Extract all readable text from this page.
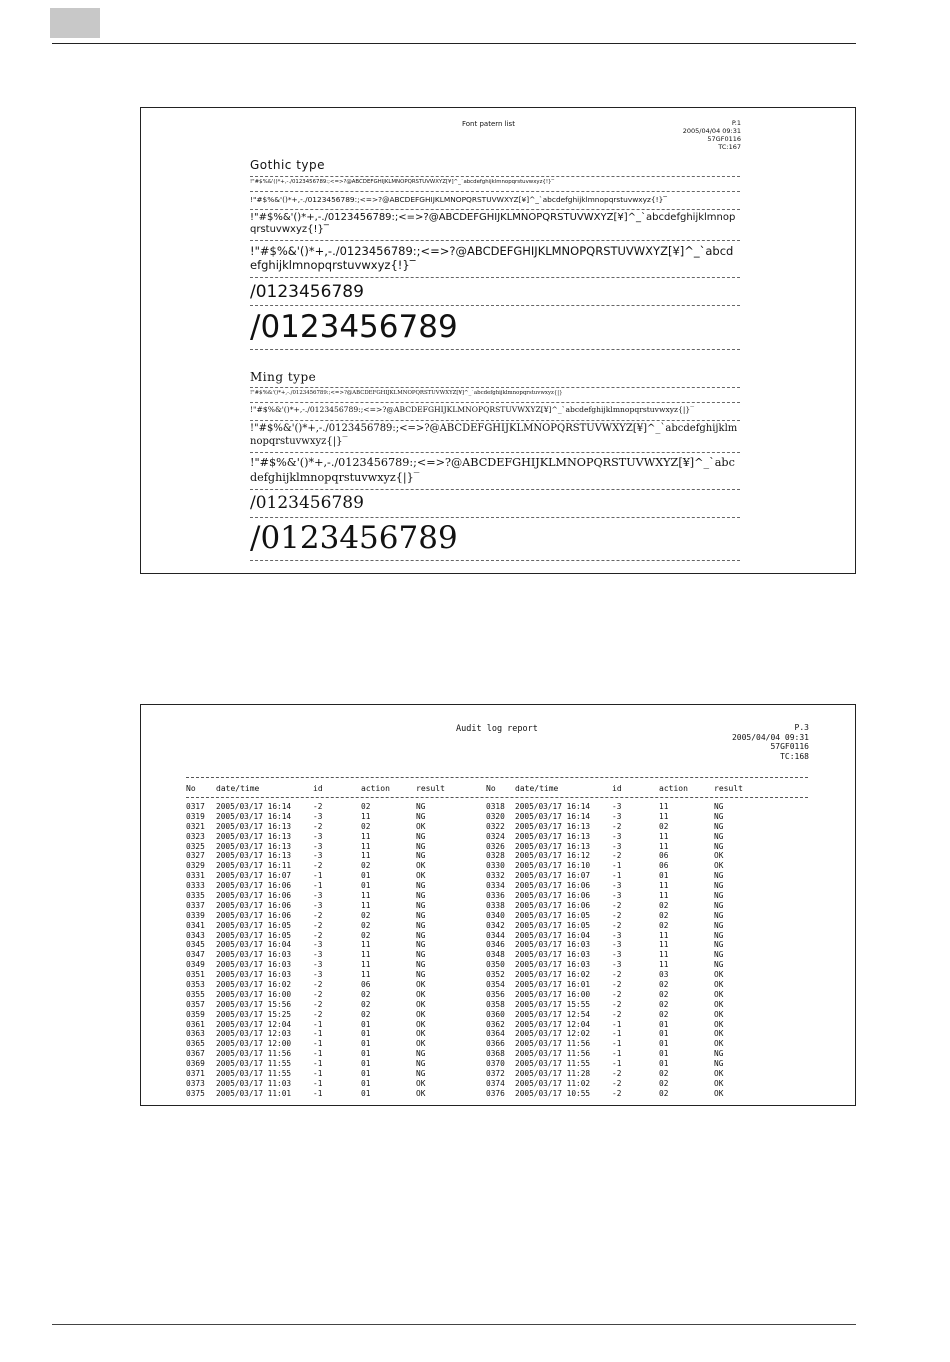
Font patern list	P.1
2005/04/04 09:31
57GF0116
TC:167
Gothic type
!"#$%&'()*+,-./0123456789:;<=>?@ABCDEFGHIJKLMNOPQRSTUVWXYZ[¥]^_`abcdefghijklmnopqrstuvwxyz{!}‾
!"#$%&'()*+,-./0123456789:;<=>?@ABCDEFGHIJKLMNOPQRSTUVWXYZ[¥]^_`abcdefghijklmnopqrstuvwxyz{!}‾
!"#$%&'()*+,-./0123456789:;<=>?@ABCDEFGHIJKLMNOPQRSTUVWXYZ[¥]^_`abcdefghijklmnopqrstuvwxyz{!}‾
!"#$%&'()*+,-./0123456789:;<=>?@ABCDEFGHIJKLMNOPQRSTUVWXYZ[¥]^_`abcdefghijklmnopqrstuvwxyz{!}‾
/0123456789
/0123456789
Ming type
!"#$%&'()*+,-./0123456789:;<=>?@ABCDEFGHIJKLMNOPQRSTUVWXYZ[¥]^_`abcdefghijklmnopqrstuvwxyz{|}‾
!"#$%&'()*+,-./0123456789:;<=>?@ABCDEFGHIJKLMNOPQRSTUVWXYZ[¥]^_`abcdefghijklmnopqrstuvwxyz{|}‾
!"#$%&'()*+,-./0123456789:;<=>?@ABCDEFGHIJKLMNOPQRSTUVWXYZ[¥]^_`abcdefghijklmnopqrstuvwxyz{|}‾
!"#$%&'()*+,-./0123456789:;<=>?@ABCDEFGHIJKLMNOPQRSTUVWXYZ[¥]^_`abcdefghijklmnopqrstuvwxyz{|}‾
/0123456789
/0123456789
Audit log report	P.3
2005/04/04 09:31
57GF0116
TC:168
No	date/time	id	action	result	No date/time	id	action	result
0317 2005/03/17 16:14	-2	02	NG	0318 2005/03/17 16:14	-3	11	NG
0319 2005/03/17 16:14	-3	11	NG	0320 2005/03/17 16:14	-3	11	NG
0321 2005/03/17 16:13	-2	02	OK	0322 2005/03/17 16:13	-2	02	NG
0323 2005/03/17 16:13	-3	11	NG	0324 2005/03/17 16:13	-3	11	NG
0325 2005/03/17 16:13	-3	11	NG	0326 2005/03/17 16:13	-3	11	NG
0327 2005/03/17 16:13	-3	11	NG	0328 2005/03/17 16:12	-2	06	OK
0329 2005/03/17 16:11	-2	02	OK	0330 2005/03/17 16:10	-1	06	OK
0331 2005/03/17 16:07	-1	01	OK	0332 2005/03/17 16:07	-1	01	NG
0333 2005/03/17 16:06	-1	01	NG	0334 2005/03/17 16:06	-3	11	NG
0335 2005/03/17 16:06	-3	11	NG	0336 2005/03/17 16:06	-3	11	NG
0337 2005/03/17 16:06	-3	11	NG	0338 2005/03/17 16:06	-2	02	NG
0339 2005/03/17 16:06	-2	02	NG	0340 2005/03/17 16:05	-2	02	NG
0341 2005/03/17 16:05	-2	02	NG	0342 2005/03/17 16:05	-2	02	NG
0343 2005/03/17 16:05	-2	02	NG	0344 2005/03/17 16:04	-3	11	NG
0345 2005/03/17 16:04	-3	11	NG	0346 2005/03/17 16:03	-3	11	NG
0347 2005/03/17 16:03	-3	11	NG	0348 2005/03/17 16:03	-3	11	NG
0349 2005/03/17 16:03	-3	11	NG	0350 2005/03/17 16:03	-3	11	NG
0351 2005/03/17 16:03	-3	11	NG	0352 2005/03/17 16:02	-2	03	OK
0353 2005/03/17 16:02	-2	06	OK	0354 2005/03/17 16:01	-2	02	OK
0355 2005/03/17 16:00	-2	02	OK	0356 2005/03/17 16:00	-2	02	OK
0357 2005/03/17 15:56	-2	02	OK	0358 2005/03/17 15:55	-2	02	OK
0359 2005/03/17 15:25	-2	02	OK	0360 2005/03/17 12:54	-2	02	OK
0361 2005/03/17 12:04	-1	01	OK	0362 2005/03/17 12:04	-1	01	OK
0363 2005/03/17 12:03	-1	01	OK	0364 2005/03/17 12:02	-1	01	OK
0365 2005/03/17 12:00	-1	01	OK	0366 2005/03/17 11:56	-1	01	OK
0367 2005/03/17 11:56	-1	01	NG	0368 2005/03/17 11:56	-1	01	NG
0369 2005/03/17 11:55	-1	01	NG	0370 2005/03/17 11:55	-1	01	NG
0371 2005/03/17 11:55	-1	01	NG	0372 2005/03/17 11:28	-2	02	OK
0373 2005/03/17 11:03	-1	01	OK	0374 2005/03/17 11:02	-2	02	OK
0375 2005/03/17 11:01	-1	01	OK	0376 2005/03/17 10:55	-2	02	OK
